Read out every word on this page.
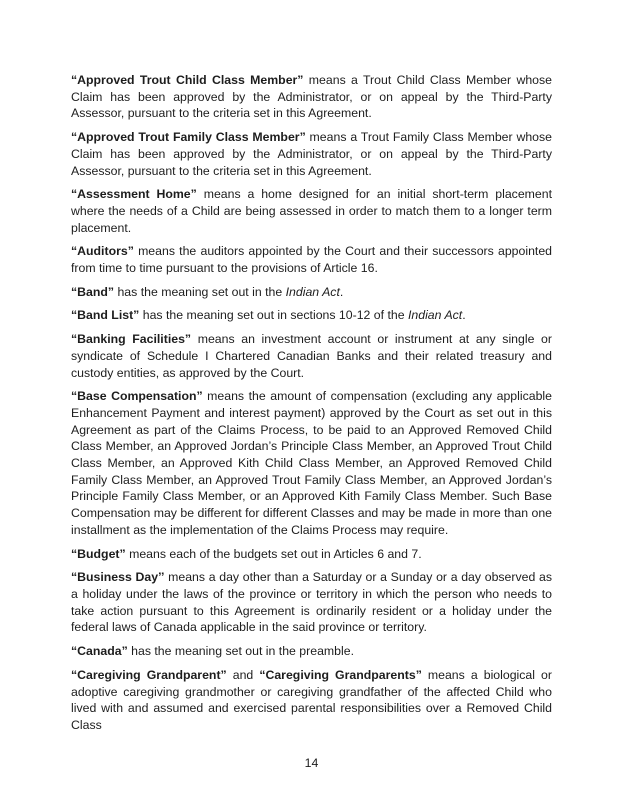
“Approved Trout Child Class Member” means a Trout Child Class Member whose Claim has been approved by the Administrator, or on appeal by the Third-Party Assessor, pursuant to the criteria set in this Agreement.

“Approved Trout Family Class Member” means a Trout Family Class Member whose Claim has been approved by the Administrator, or on appeal by the Third-Party Assessor, pursuant to the criteria set in this Agreement.

“Assessment Home” means a home designed for an initial short-term placement where the needs of a Child are being assessed in order to match them to a longer term placement.

“Auditors” means the auditors appointed by the Court and their successors appointed from time to time pursuant to the provisions of Article 16.

“Band” has the meaning set out in the Indian Act.

“Band List” has the meaning set out in sections 10-12 of the Indian Act.

“Banking Facilities” means an investment account or instrument at any single or syndicate of Schedule I Chartered Canadian Banks and their related treasury and custody entities, as approved by the Court.

“Base Compensation” means the amount of compensation (excluding any applicable Enhancement Payment and interest payment) approved by the Court as set out in this Agreement as part of the Claims Process, to be paid to an Approved Removed Child Class Member, an Approved Jordan’s Principle Class Member, an Approved Trout Child Class Member, an Approved Kith Child Class Member, an Approved Removed Child Family Class Member, an Approved Trout Family Class Member, an Approved Jordan’s Principle Family Class Member, or an Approved Kith Family Class Member. Such Base Compensation may be different for different Classes and may be made in more than one installment as the implementation of the Claims Process may require.

“Budget” means each of the budgets set out in Articles 6 and 7.

“Business Day’’ means a day other than a Saturday or a Sunday or a day observed as a holiday under the laws of the province or territory in which the person who needs to take action pursuant to this Agreement is ordinarily resident or a holiday under the federal laws of Canada applicable in the said province or territory.

“Canada” has the meaning set out in the preamble.

“Caregiving Grandparent” and “Caregiving Grandparents” means a biological or adoptive caregiving grandmother or caregiving grandfather of the affected Child who lived with and assumed and exercised parental responsibilities over a Removed Child Class

14
